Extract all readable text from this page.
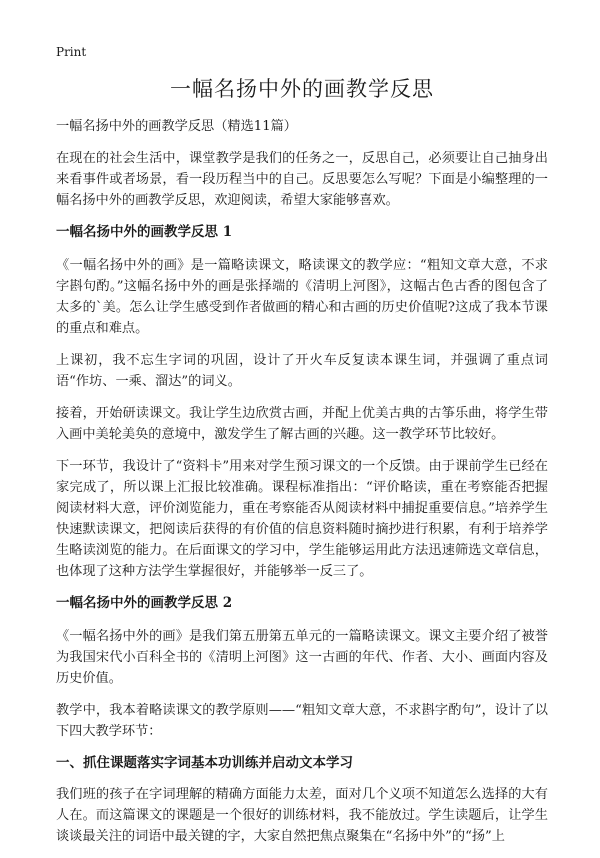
Print
一幅名扬中外的画教学反思

一幅名扬中外的画教学反思（精选11篇）

在现在的社会生活中，课堂教学是我们的任务之一，反思自己，必须要让自己抽身出来看事件或者场景，看一段历程当中的自己。反思要怎么写呢？下面是小编整理的一幅名扬中外的画教学反思，欢迎阅读，希望大家能够喜欢。

一幅名扬中外的画教学反思 1

《一幅名扬中外的画》是一篇略读课文，略读课文的教学应：“粗知文章大意，不求字斟句酌。”这幅名扬中外的画是张择端的《清明上河图》，这幅古色古香的图包含了太多的`美。怎么让学生感受到作者做画的精心和古画的历史价值呢?这成了我本节课的重点和难点。

上课初，我不忘生字词的巩固，设计了开火车反复读本课生词，并强调了重点词语“作坊、一乘、溜达”的词义。

接着，开始研读课文。我让学生边欣赏古画，并配上优美古典的古筝乐曲，将学生带入画中美轮美奂的意境中，激发学生了解古画的兴趣。这一教学环节比较好。

下一环节，我设计了“资料卡”用来对学生预习课文的一个反馈。由于课前学生已经在家完成了，所以课上汇报比较准确。课程标准指出：“评价略读，重在考察能否把握阅读材料大意，评价浏览能力，重在考察能否从阅读材料中捕捉重要信息。”培养学生快速默读课文，把阅读后获得的有价值的信息资料随时摘抄进行积累，有利于培养学生略读浏览的能力。在后面课文的学习中，学生能够运用此方法迅速筛选文章信息，也体现了这种方法学生掌握很好，并能够举一反三了。

一幅名扬中外的画教学反思 2

《一幅名扬中外的画》是我们第五册第五单元的一篇略读课文。课文主要介绍了被誉为我国宋代小百科全书的《清明上河图》这一古画的年代、作者、大小、画面内容及历史价值。

教学中，我本着略读课文的教学原则——“粗知文章大意，不求斟字酌句”，设计了以下四大教学环节：

一、抓住课题落实字词基本功训练并启动文本学习

我们班的孩子在字词理解的精确方面能力太差，面对几个义项不知道怎么选择的大有人在。而这篇课文的课题是一个很好的训练材料，我不能放过。学生读题后，让学生谈谈最关注的词语中最关键的字，大家自然把焦点聚集在“名扬中外”的“扬”上
